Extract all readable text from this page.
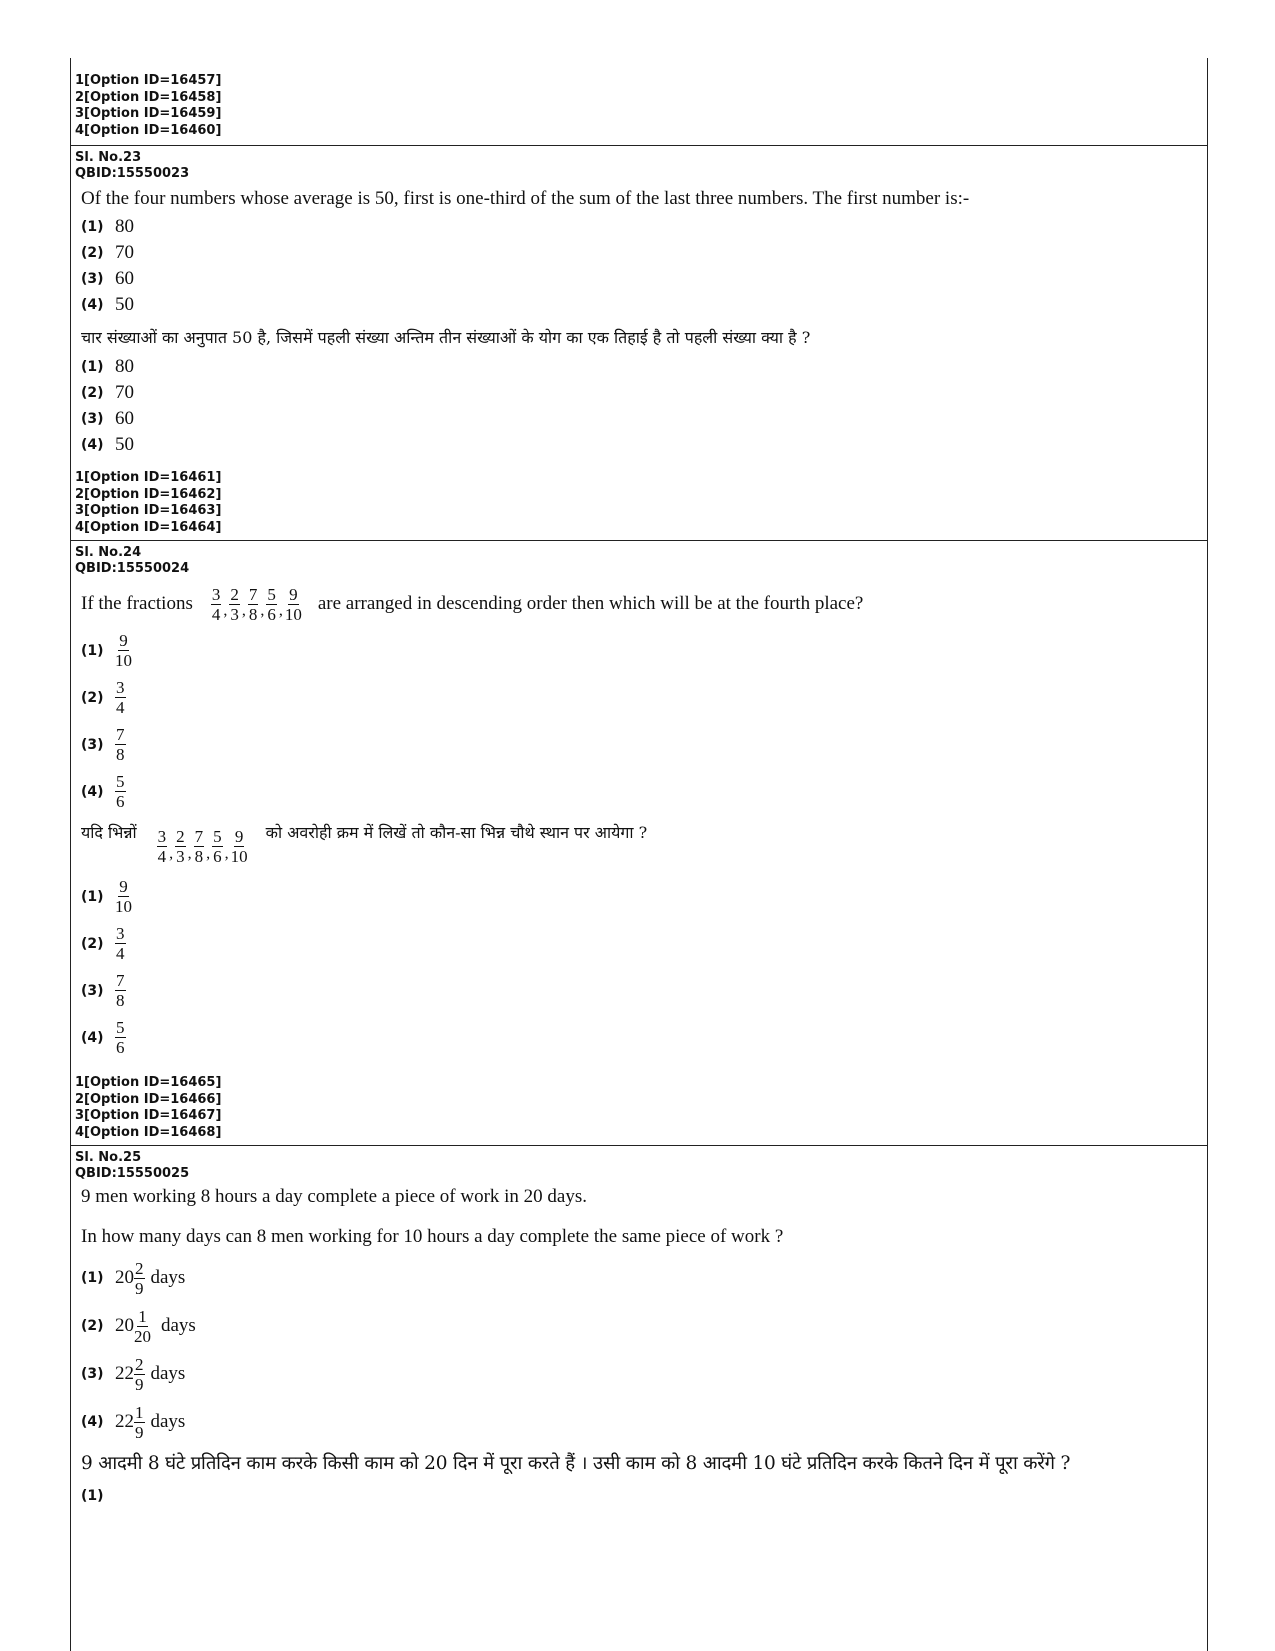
1[Option ID=16457]
2[Option ID=16458]
3[Option ID=16459]
4[Option ID=16460]
Sl. No.23
QBID:15550023
Of the four numbers whose average is 50, first is one-third of the sum of the last three numbers. The first number is:-
(1) 80
(2) 70
(3) 60
(4) 50
चार संख्याओं का अनुपात 50 है, जिसमें पहली संख्या अन्तिम तीन संख्याओं के योग का एक तिहाई है तो पहली संख्या क्या है ?
(1) 80
(2) 70
(3) 60
(4) 50
1[Option ID=16461]
2[Option ID=16462]
3[Option ID=16463]
4[Option ID=16464]
Sl. No.24
QBID:15550024
If the fractions $\frac{3}{4}$ , $\frac{2}{3}$ , $\frac{7}{8}$ , $\frac{5}{6}$ , $\frac{9}{10}$ are arranged in descending order then which will be at the fourth place?
$(1) \frac{9}{10}$
$(2) \frac{3}{4}$
$(3) \frac{7}{8}$
$(4) \frac{5}{6}$
यदि भिन्नों $\frac{3}{4}$ , $\frac{2}{3}$ , $\frac{7}{8}$ , $\frac{5}{6}$ , $\frac{9}{10}$ को अवरोही क्रम में लिखें तो कौन-सा भिन्न चौथे स्थान पर आयेगा ?
$(1) \frac{9}{10}$
$(2) \frac{3}{4}$
$(3) \frac{7}{8}$
$(4) \frac{5}{6}$
1[Option ID=16465]
2[Option ID=16466]
3[Option ID=16467]
4[Option ID=16468]
Sl. No.25
QBID:15550025
9 men working 8 hours a day complete a piece of work in 20 days.
In how many days can 8 men working for 10 hours a day complete the same piece of work ?
(1) $20 \frac{2}{9}$ days
(2) $20 \frac{1}{20}$ days
(3) $22 \frac{2}{9}$ days
(4) $22 \frac{1}{9}$ days
9 आदमी 8 घंटे प्रतिदिन काम करके किसी काम को 20 दिन में पूरा करते हैं । उसी काम को 8 आदमी 10 घंटे प्रतिदिन करके कितने दिन में पूरा करेंगे ?
(1)
